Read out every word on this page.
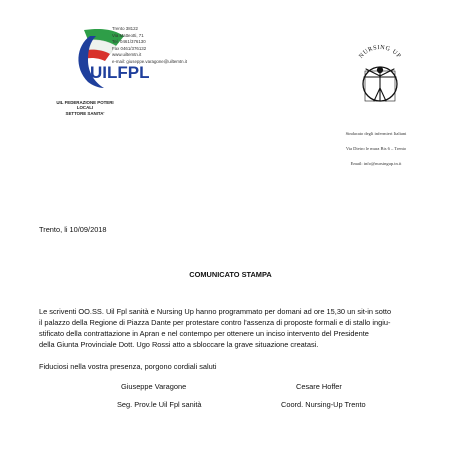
UILFPL
Trento 38122
Via Matteotti, 71
Tel. 0461/376130
Fax 0461/376132
www.uiltemtn.it
e-mail: giuseppe.varagone@uiltemtn.it
UIL FEDERAZIONE POTERI LOCALI
SETTORE SANITA'
NURSING UP
Sindacato degli infermieri Italiani
Via Dietro le mura Bis 6 – Trento
Email: info@nursingup.tn.it
Trento, li 10/09/2018
COMUNICATO STAMPA
Le scriventi OO.SS. Uil Fpl sanità e Nursing Up hanno programmato per domani ad ore 15,30 un sit-in sotto
il palazzo della Regione di Piazza Dante per protestare contro l'assenza di proposte formali e di stallo ingiu-
stificato della contrattazione in Apran e nel contempo per ottenere un inciso intervento del Presidente
della Giunta Provinciale Dott. Ugo Rossi atto a sbloccare la grave situazione creatasi.
Fiduciosi nella vostra presenza, porgono cordiali saluti
Giuseppe Varagone
Seg. Prov.le Uil Fpl sanità
Cesare Hoffer
Coord. Nursing-Up Trento
